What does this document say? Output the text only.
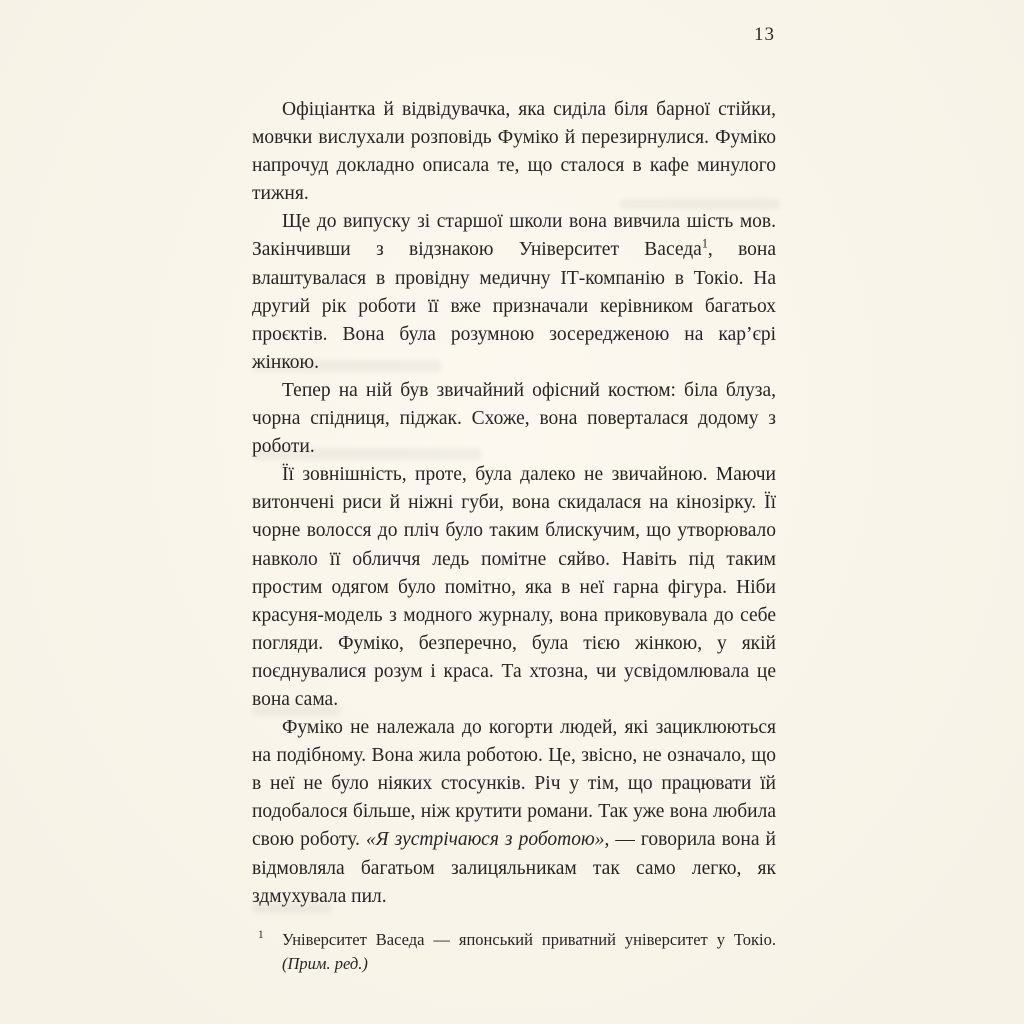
13

Офіціантка й відвідувачка, яка сиділа біля барної стійки, мовчки вислухали розповідь Фуміко й перезирнулися. Фуміко напрочуд докладно описала те, що сталося в кафе минулого тижня.

Ще до випуску зі старшої школи вона вивчила шість мов. Закінчивши з відзнакою Університет Васеда$^1$, вона влаштувалася в провідну медичну ІТ-компанію в Токіо. На другий рік роботи її вже призначали керівником багатьох проєктів. Вона була розумною зосередженою на кар’єрі жінкою.

Тепер на ній був звичайний офісний костюм: біла блуза, чорна спідниця, піджак. Схоже, вона поверталася додому з роботи.

Її зовнішність, проте, була далеко не звичайною. Маючи витончені риси й ніжні губи, вона скидалася на кінозірку. Її чорне волосся до пліч було таким блискучим, що утворювало навколо її обличчя ледь помітне сяйво. Навіть під таким простим одягом було помітно, яка в неї гарна фігура. Ніби красуня-модель з модного журналу, вона приковувала до себе погляди. Фуміко, безперечно, була тією жінкою, у якій поєднувалися розум і краса. Та хтозна, чи усвідомлювала це вона сама.

Фуміко не належала до когорти людей, які зациклюються на подібному. Вона жила роботою. Це, звісно, не означало, що в неї не було ніяких стосунків. Річ у тім, що працювати їй подобалося більше, ніж крутити романи. Так уже вона любила свою роботу. «Я зустрічаюся з роботою», — говорила вона й відмовляла багатьом залицяльникам так само легко, як здмухувала пил.

1 Університет Васеда — японський приватний університет у Токіо. (Прим. ред.)
